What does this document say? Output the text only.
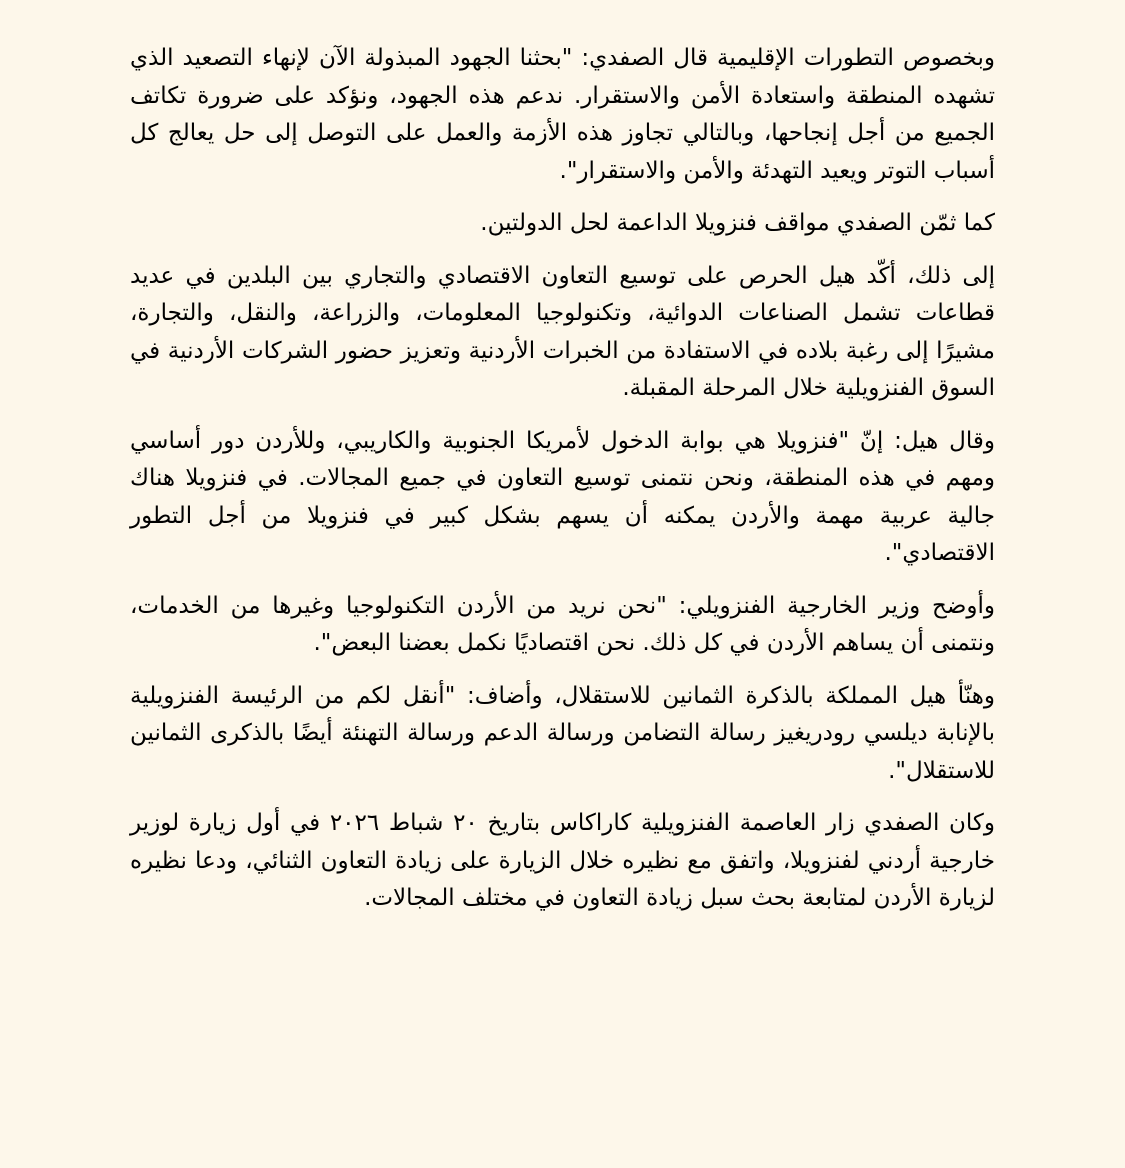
وبخصوص التطورات الإقليمية قال الصفدي: "بحثنا الجهود المبذولة الآن لإنهاء التصعيد الذي تشهده المنطقة واستعادة الأمن والاستقرار. ندعم هذه الجهود، ونؤكد على ضرورة تكاتف الجميع من أجل إنجاحها، وبالتالي تجاوز هذه الأزمة والعمل على التوصل إلى حل يعالج كل أسباب التوتر ويعيد التهدئة والأمن والاستقرار".

كما ثمّن الصفدي مواقف فنزويلا الداعمة لحل الدولتين.

إلى ذلك، أكّد هيل الحرص على توسيع التعاون الاقتصادي والتجاري بين البلدين في عديد قطاعات تشمل الصناعات الدوائية، وتكنولوجيا المعلومات، والزراعة، والنقل، والتجارة، مشيرًا إلى رغبة بلاده في الاستفادة من الخبرات الأردنية وتعزيز حضور الشركات الأردنية في السوق الفنزويلية خلال المرحلة المقبلة.

وقال هيل: إنّ "فنزويلا هي بوابة الدخول لأمريكا الجنوبية والكاريبي، وللأردن دور أساسي ومهم في هذه المنطقة، ونحن نتمنى توسيع التعاون في جميع المجالات. في فنزويلا هناك جالية عربية مهمة والأردن يمكنه أن يسهم بشكل كبير في فنزويلا من أجل التطور الاقتصادي".

وأوضح وزير الخارجية الفنزويلي: "نحن نريد من الأردن التكنولوجيا وغيرها من الخدمات، ونتمنى أن يساهم الأردن في كل ذلك. نحن اقتصاديًا نكمل بعضنا البعض".

وهنّأ هيل المملكة بالذكرة الثمانين للاستقلال، وأضاف: "أنقل لكم من الرئيسة الفنزويلية بالإنابة ديلسي رودريغيز رسالة التضامن ورسالة الدعم ورسالة التهنئة أيضًا بالذكرى الثمانين للاستقلال".

وكان الصفدي زار العاصمة الفنزويلية كاراكاس بتاريخ ٢٠ شباط ٢٠٢٦ في أول زيارة لوزير خارجية أردني لفنزويلا، واتفق مع نظيره خلال الزيارة على زيادة التعاون الثنائي، ودعا نظيره لزيارة الأردن لمتابعة بحث سبل زيادة التعاون في مختلف المجالات.
